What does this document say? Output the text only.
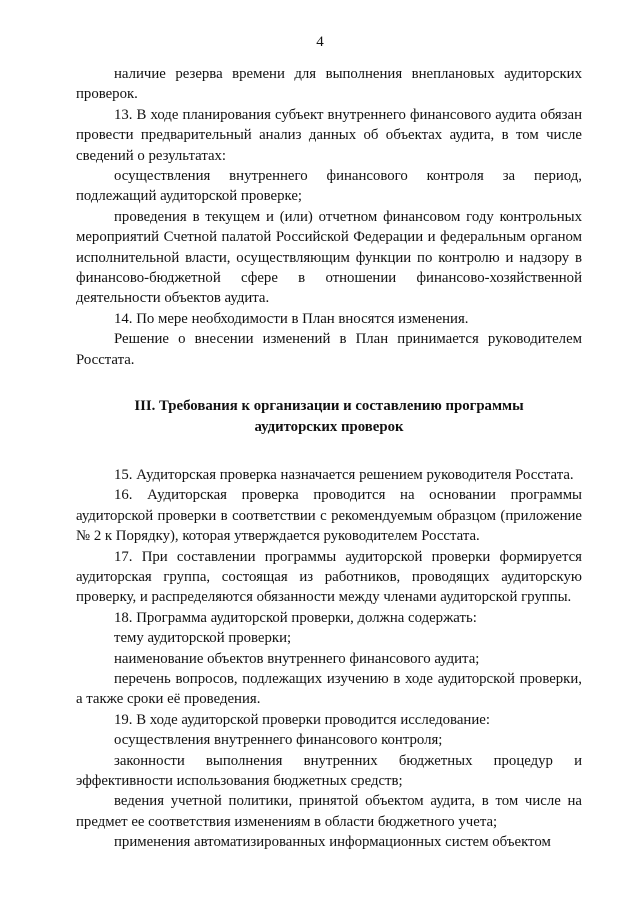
4

наличие резерва времени для выполнения внеплановых аудиторских проверок.

13. В ходе планирования субъект внутреннего финансового аудита обязан провести предварительный анализ данных об объектах аудита, в том числе сведений о результатах:

осуществления внутреннего финансового контроля за период, подлежащий аудиторской проверке;

проведения в текущем и (или) отчетном финансовом году контрольных мероприятий Счетной палатой Российской Федерации и федеральным органом исполнительной власти, осуществляющим функции по контролю и надзору в финансово-бюджетной сфере в отношении финансово-хозяйственной деятельности объектов аудита.

14. По мере необходимости в План вносятся изменения.

Решение о внесении изменений в План принимается руководителем Росстата.

III. Требования к организации и составлению программы
аудиторских проверок

15. Аудиторская проверка назначается решением руководителя Росстата.

16. Аудиторская проверка проводится на основании программы аудиторской проверки в соответствии с рекомендуемым образцом (приложение № 2 к Порядку), которая утверждается руководителем Росстата.

17. При составлении программы аудиторской проверки формируется аудиторская группа, состоящая из работников, проводящих аудиторскую проверку, и распределяются обязанности между членами аудиторской группы.

18. Программа аудиторской проверки, должна содержать:

тему аудиторской проверки;

наименование объектов внутреннего финансового аудита;

перечень вопросов, подлежащих изучению в ходе аудиторской проверки, а также сроки её проведения.

19. В ходе аудиторской проверки проводится исследование:

осуществления внутреннего финансового контроля;

законности выполнения внутренних бюджетных процедур и эффективности использования бюджетных средств;

ведения учетной политики, принятой объектом аудита, в том числе на предмет ее соответствия изменениям в области бюджетного учета;

применения автоматизированных информационных систем объектом
